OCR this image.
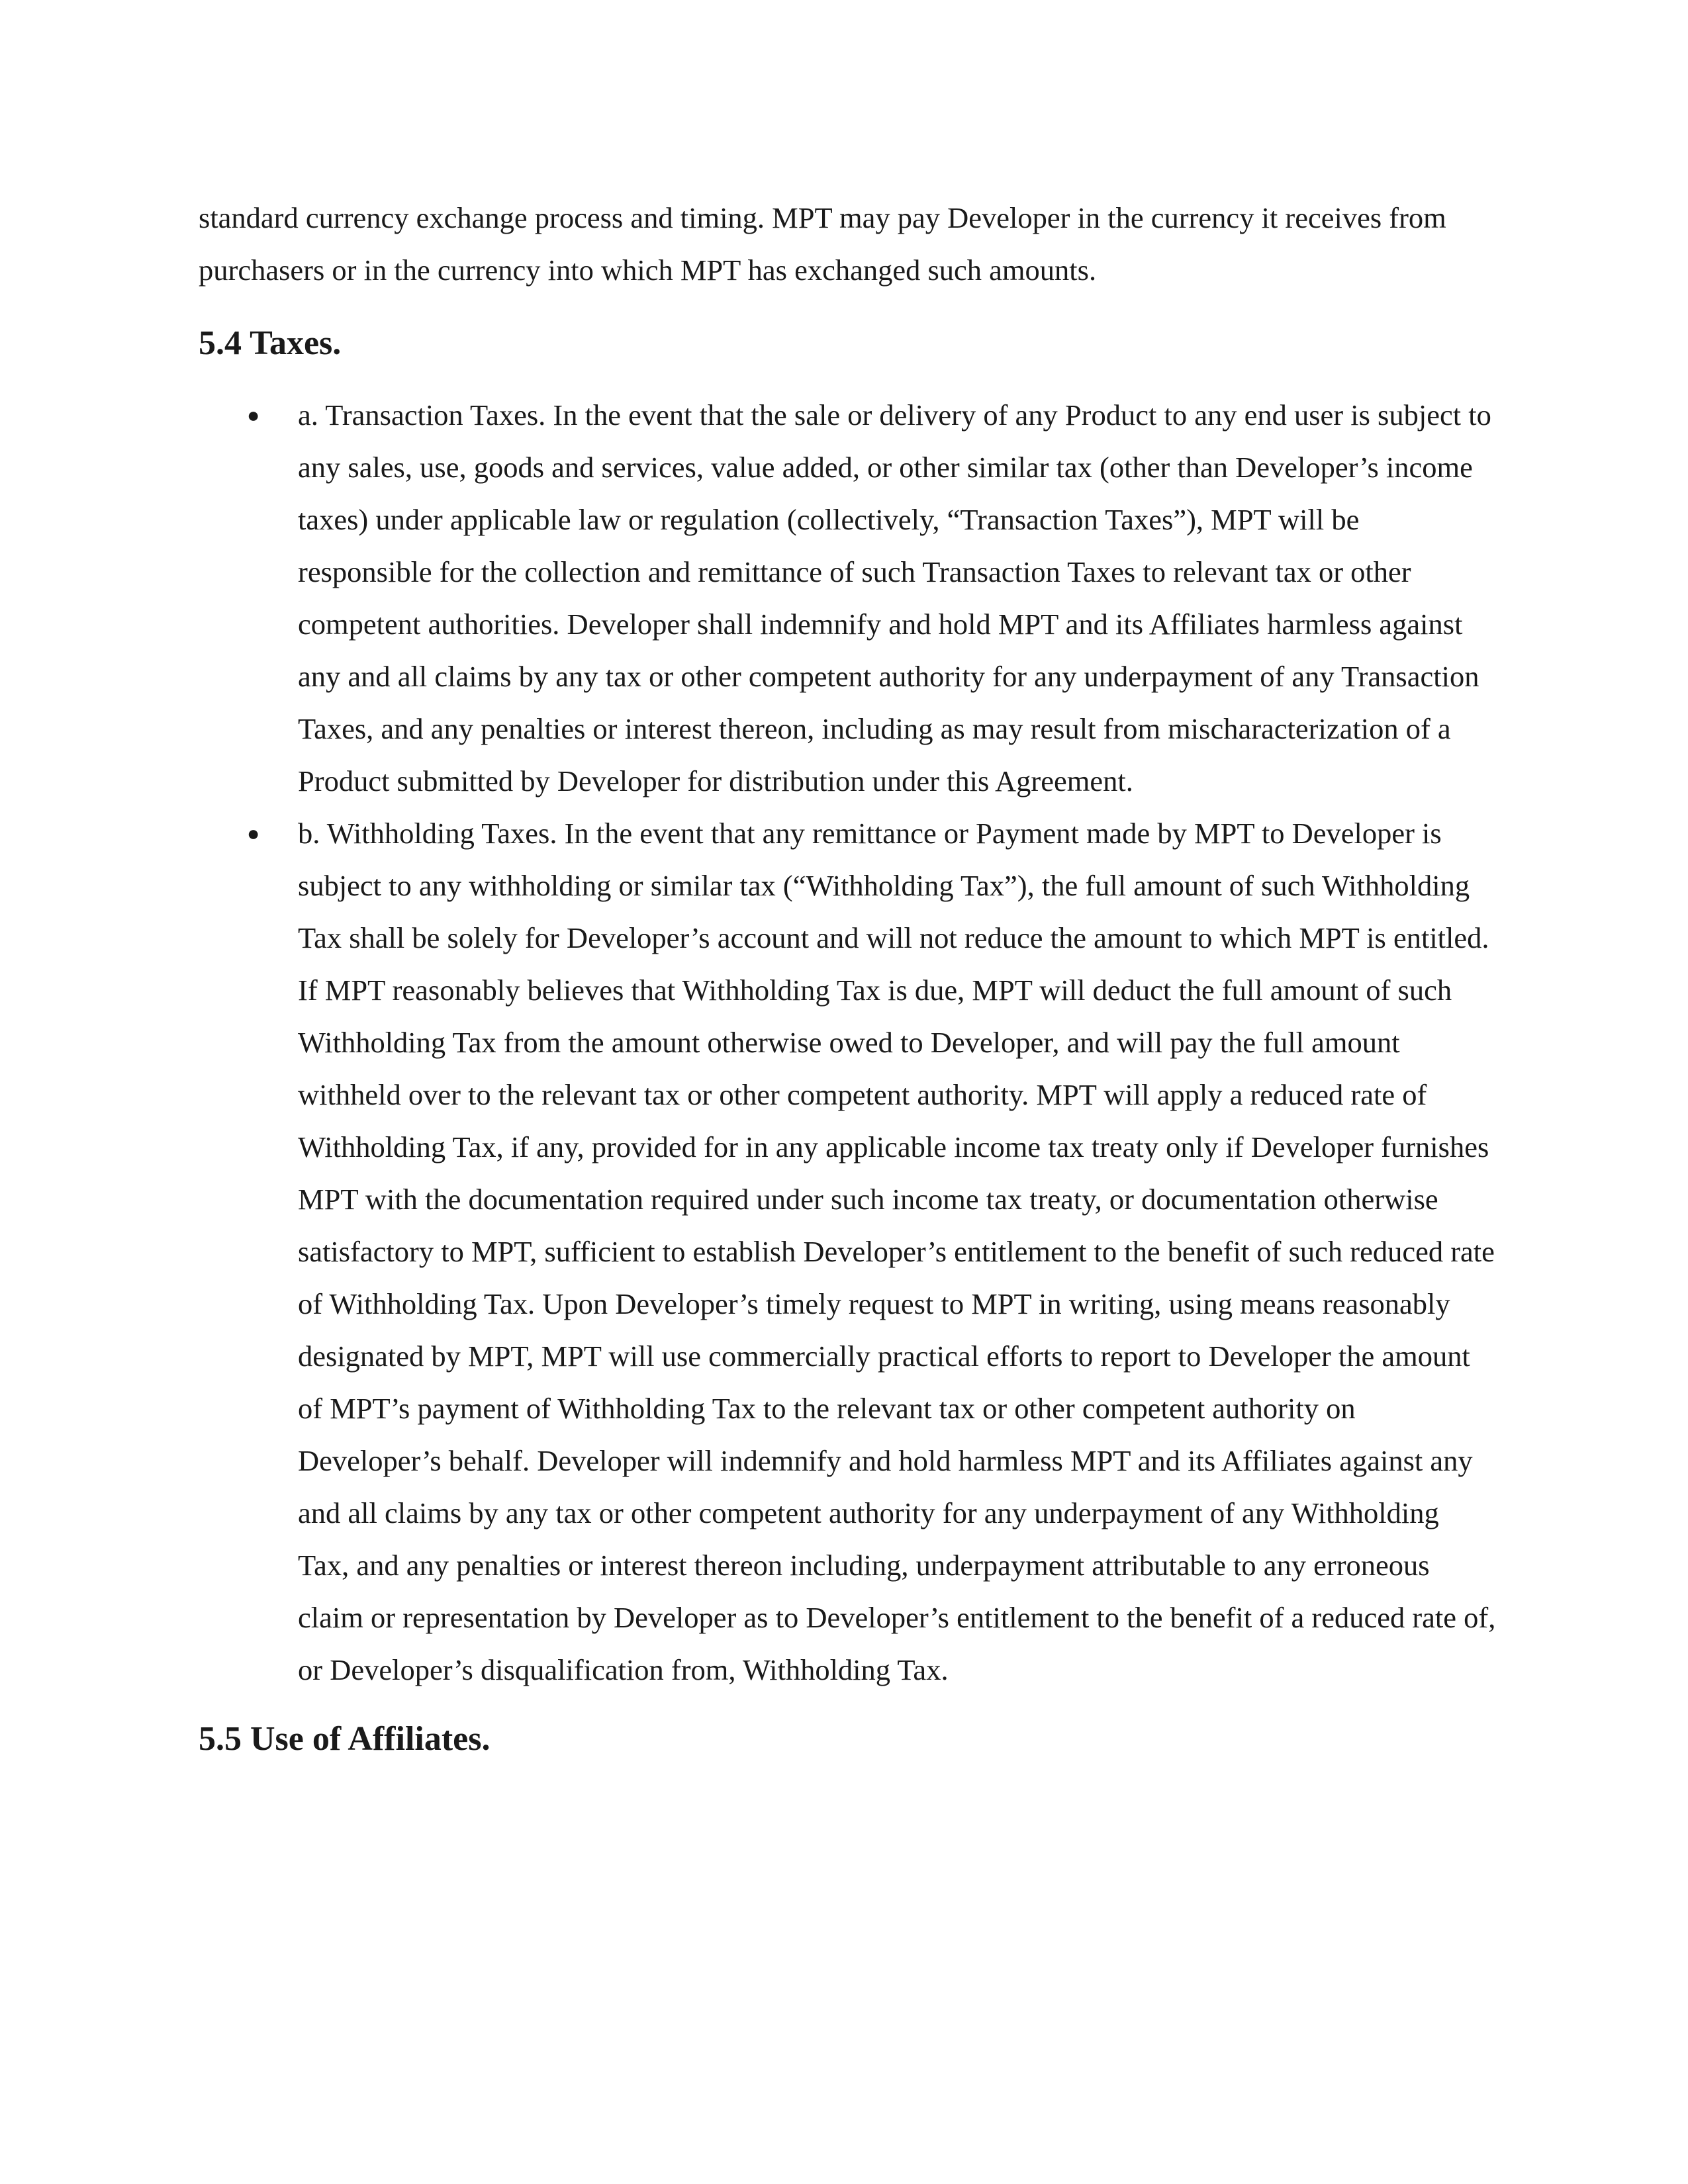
standard currency exchange process and timing. MPT may pay Developer in the currency it receives from purchasers or in the currency into which MPT has exchanged such amounts.

5.4 Taxes.
● a. Transaction Taxes. In the event that the sale or delivery of any Product to any end user is subject to any sales, use, goods and services, value added, or other similar tax (other than Developer’s income taxes) under applicable law or regulation (collectively, “Transaction Taxes”), MPT will be responsible for the collection and remittance of such Transaction Taxes to relevant tax or other competent authorities. Developer shall indemnify and hold MPT and its Affiliates harmless against any and all claims by any tax or other competent authority for any underpayment of any Transaction Taxes, and any penalties or interest thereon, including as may result from mischaracterization of a Product submitted by Developer for distribution under this Agreement.
● b. Withholding Taxes. In the event that any remittance or Payment made by MPT to Developer is subject to any withholding or similar tax (“Withholding Tax”), the full amount of such Withholding Tax shall be solely for Developer’s account and will not reduce the amount to which MPT is entitled. If MPT reasonably believes that Withholding Tax is due, MPT will deduct the full amount of such Withholding Tax from the amount otherwise owed to Developer, and will pay the full amount withheld over to the relevant tax or other competent authority. MPT will apply a reduced rate of Withholding Tax, if any, provided for in any applicable income tax treaty only if Developer furnishes MPT with the documentation required under such income tax treaty, or documentation otherwise satisfactory to MPT, sufficient to establish Developer’s entitlement to the benefit of such reduced rate of Withholding Tax. Upon Developer’s timely request to MPT in writing, using means reasonably designated by MPT, MPT will use commercially practical efforts to report to Developer the amount of MPT’s payment of Withholding Tax to the relevant tax or other competent authority on Developer’s behalf. Developer will indemnify and hold harmless MPT and its Affiliates against any and all claims by any tax or other competent authority for any underpayment of any Withholding Tax, and any penalties or interest thereon including, underpayment attributable to any erroneous claim or representation by Developer as to Developer’s entitlement to the benefit of a reduced rate of, or Developer’s disqualification from, Withholding Tax.
5.5 Use of Affiliates.
